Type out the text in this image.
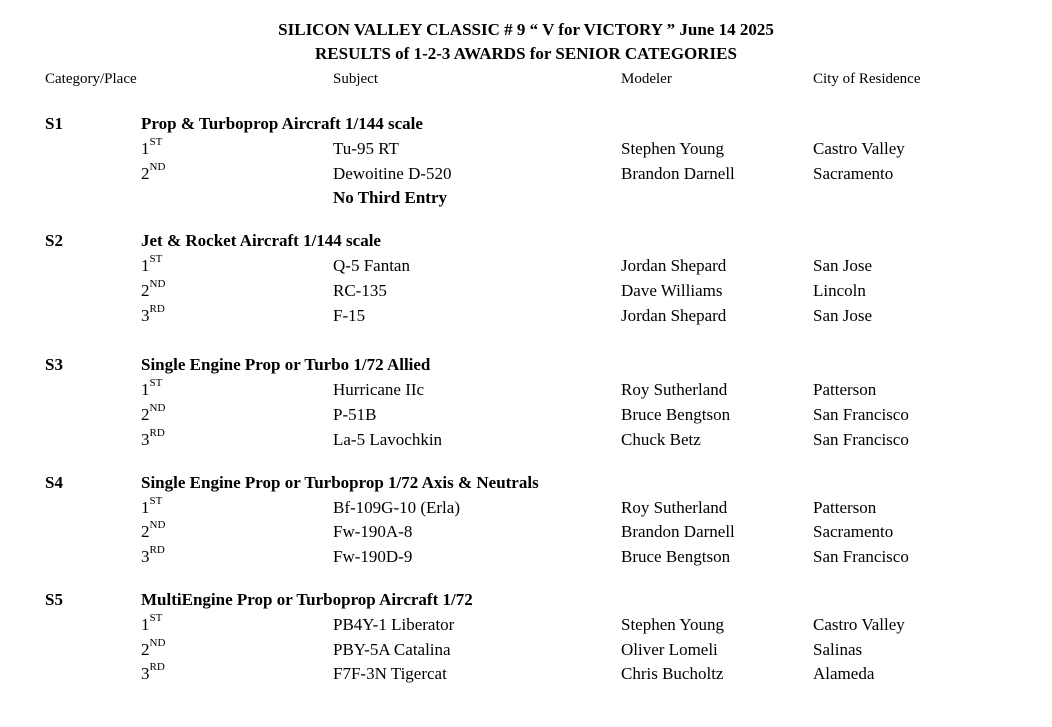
SILICON VALLEY CLASSIC # 9 “ V for VICTORY ” June 14 2025
RESULTS of 1-2-3 AWARDS for SENIOR CATEGORIES
Category/Place	Subject	Modeler	City of Residence
S1	Prop & Turboprop Aircraft 1/144 scale
1ST	Tu-95 RT	Stephen Young	Castro Valley
2ND	Dewoitine D-520	Brandon Darnell	Sacramento
No Third Entry
S2	Jet & Rocket Aircraft 1/144 scale
1ST	Q-5 Fantan	Jordan Shepard	San Jose
2ND	RC-135	Dave Williams	Lincoln
3RD	F-15	Jordan Shepard	San Jose
S3	Single Engine Prop or Turbo 1/72 Allied
1ST	Hurricane IIc	Roy Sutherland	Patterson
2ND	P-51B	Bruce Bengtson	San Francisco
3RD	La-5 Lavochkin	Chuck Betz	San Francisco
S4	Single Engine Prop or Turboprop 1/72 Axis & Neutrals
1ST	Bf-109G-10 (Erla)	Roy Sutherland	Patterson
2ND	Fw-190A-8	Brandon Darnell	Sacramento
3RD	Fw-190D-9	Bruce Bengtson	San Francisco
S5	MultiEngine Prop or Turboprop Aircraft 1/72
1ST	PB4Y-1 Liberator	Stephen Young	Castro Valley
2ND	PBY-5A Catalina	Oliver Lomeli	Salinas
3RD	F7F-3N Tigercat	Chris Bucholtz	Alameda
